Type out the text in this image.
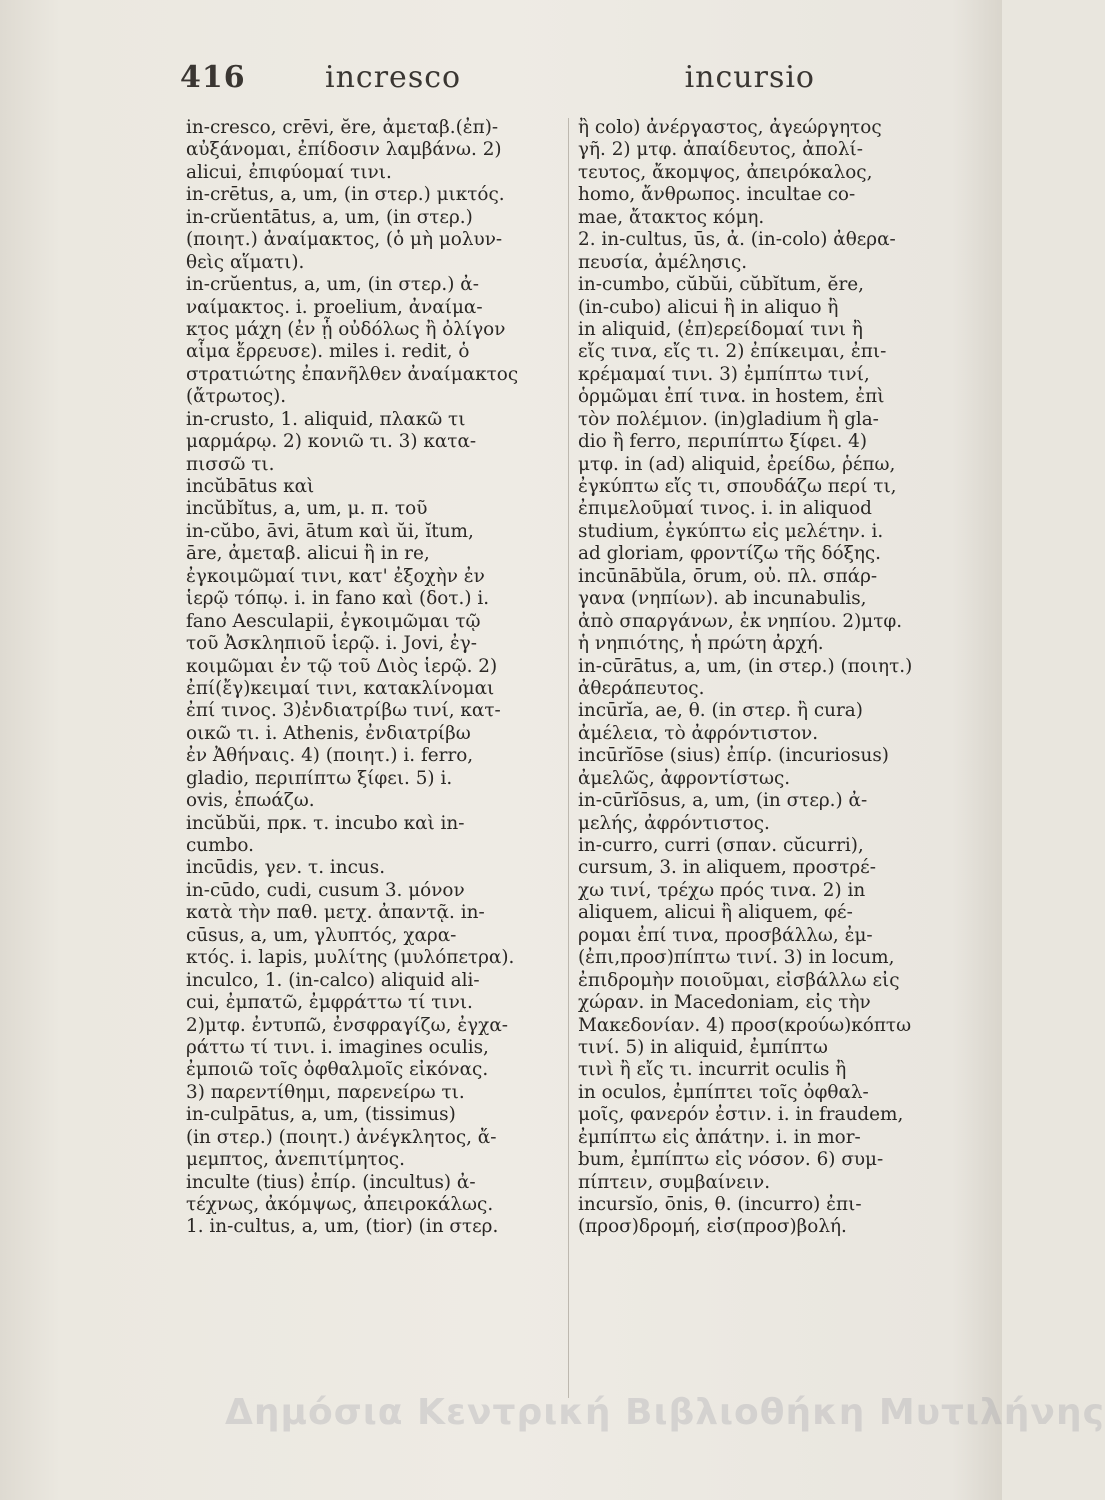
416	incresco	incursio
in-cresco, crēvi, ĕre, ἀμεταβ.(ἐπ)-
αὐξάνομαι, ἐπίδοσιν λαμβάνω. 2)
alicui, ἐπιφύομαί τινι.
in-crētus, a, um, (in στερ.) μικτός.
in-crŭentātus, a, um, (in στερ.)
(ποιητ.) ἀναίμακτος, (ὁ μὴ μολυν-
θεὶς αἵματι).
in-crŭentus, a, um, (in στερ.) ἀ-
ναίμακτος. i. proelium, ἀναίμα-
κτος μάχη (ἐν ᾗ οὐδόλως ἢ ὀλίγον
αἷμα ἔρρευσε). miles i. redit, ὁ
στρατιώτης ἐπανῆλθεν ἀναίμακτος
(ἄτρωτος).
in-crusto, 1. aliquid, πλακῶ τι
μαρμάρῳ. 2) κονιῶ τι. 3) κατα-
πισσῶ τι.
incŭbātus καὶ
incŭbĭtus, a, um, μ. π. τοῦ
in-cŭbo, āvi, ātum καὶ ŭi, ĭtum,
āre, ἀμεταβ. alicui ἢ in re,
ἐγκοιμῶμαί τινι, κατ' ἐξοχὴν ἐν
ἱερῷ τόπῳ. i. in fano καὶ (δοτ.) i.
fano Aesculapii, ἐγκοιμῶμαι τῷ
τοῦ Ἀσκληπιοῦ ἱερῷ. i. Jovi, ἐγ-
κοιμῶμαι ἐν τῷ τοῦ Διὸς ἱερῷ. 2)
ἐπί(ἔγ)κειμαί τινι, κατακλίνομαι
ἐπί τινος. 3)ἐνδιατρίβω τινί, κατ-
οικῶ τι. i. Athenis, ἐνδιατρίβω
ἐν Ἀθήναις. 4) (ποιητ.) i. ferro,
gladio, περιπίπτω ξίφει. 5) i.
ovis, ἐπωάζω.
incŭbŭi, πρκ. τ. incubo καὶ in-
cumbo.
incūdis, γεν. τ. incus.
in-cūdo, cudi, cusum 3. μόνον
κατὰ τὴν παθ. μετχ. ἀπαντᾷ. in-
cūsus, a, um, γλυπτός, χαρα-
κτός. i. lapis, μυλίτης (μυλόπετρα).
inculco, 1. (in-calco) aliquid ali-
cui, ἐμπατῶ, ἐμφράττω τί τινι.
2)μτφ. ἐντυπῶ, ἐνσφραγίζω, ἐγχα-
ράττω τί τινι. i. imagines oculis,
ἐμποιῶ τοῖς ὀφθαλμοῖς εἰκόνας.
3) παρεντίθημι, παρενείρω τι.
in-culpātus, a, um, (tissimus)
(in στερ.) (ποιητ.) ἀνέγκλητος, ἄ-
μεμπτος, ἀνεπιτίμητος.
inculte (tius) ἐπίρ. (incultus) ἀ-
τέχνως, ἀκόμψως, ἀπειροκάλως.
1. in-cultus, a, um, (tior) (in στερ.
ἢ colo) ἀνέργαστος, ἀγεώργητος
γῆ. 2) μτφ. ἀπαίδευτος, ἀπολί-
τευτος, ἄκομψος, ἀπειρόκαλος,
homo, ἄνθρωπος. incultae co-
mae, ἄτακτος κόμη.
2. in-cultus, ūs, ἀ. (in-colo) ἀθερα-
πευσία, ἀμέλησις.
in-cumbo, cŭbŭi, cŭbĭtum, ĕre,
(in-cubo) alicui ἢ in aliquo ἢ
in aliquid, (ἐπ)ερείδομαί τινι ἢ
εἴς τινα, εἴς τι. 2) ἐπίκειμαι, ἐπι-
κρέμαμαί τινι. 3) ἐμπίπτω τινί,
ὁρμῶμαι ἐπί τινα. in hostem, ἐπὶ
τὸν πολέμιον. (in)gladium ἢ gla-
dio ἢ ferro, περιπίπτω ξίφει. 4)
μτφ. in (ad) aliquid, ἐρείδω, ῥέπω,
ἐγκύπτω εἴς τι, σπουδάζω περί τι,
ἐπιμελοῦμαί τινος. i. in aliquod
studium, ἐγκύπτω εἰς μελέτην. i.
ad gloriam, φροντίζω τῆς δόξης.
incūnābŭla, ōrum, οὐ. πλ. σπάρ-
γανα (νηπίων). ab incunabulis,
ἀπὸ σπαργάνων, ἐκ νηπίου. 2)μτφ.
ἡ νηπιότης, ἡ πρώτη ἀρχή.
in-cūrātus, a, um, (in στερ.) (ποιητ.)
ἀθεράπευτος.
incūrĭa, ae, θ. (in στερ. ἢ cura)
ἀμέλεια, τὸ ἀφρόντιστον.
incūrĭōse (sius) ἐπίρ. (incuriosus)
ἀμελῶς, ἀφροντίστως.
in-cūrĭōsus, a, um, (in στερ.) ἀ-
μελής, ἀφρόντιστος.
in-curro, curri (σπαν. cŭcurri),
cursum, 3. in aliquem, προστρέ-
χω τινί, τρέχω πρός τινα. 2) in
aliquem, alicui ἢ aliquem, φέ-
ρομαι ἐπί τινα, προσβάλλω, ἐμ-
(ἐπι,προσ)πίπτω τινί. 3) in locum,
ἐπιδρομὴν ποιοῦμαι, εἰσβάλλω εἰς
χώραν. in Macedoniam, εἰς τὴν
Μακεδονίαν. 4) προσ(κρούω)κόπτω
τινί. 5) in aliquid, ἐμπίπτω
τινὶ ἢ εἴς τι. incurrit oculis ἢ
in oculos, ἐμπίπτει τοῖς ὀφθαλ-
μοῖς, φανερόν ἐστιν. i. in fraudem,
ἐμπίπτω εἰς ἀπάτην. i. in mor-
bum, ἐμπίπτω εἰς νόσον. 6) συμ-
πίπτειν, συμβαίνειν.
incursĭo, ōnis, θ. (incurro) ἐπι-
(προσ)δρομή, εἰσ(προσ)βολή.
Δημόσια Κεντρική Βιβλιοθήκη Μυτιλήνης
